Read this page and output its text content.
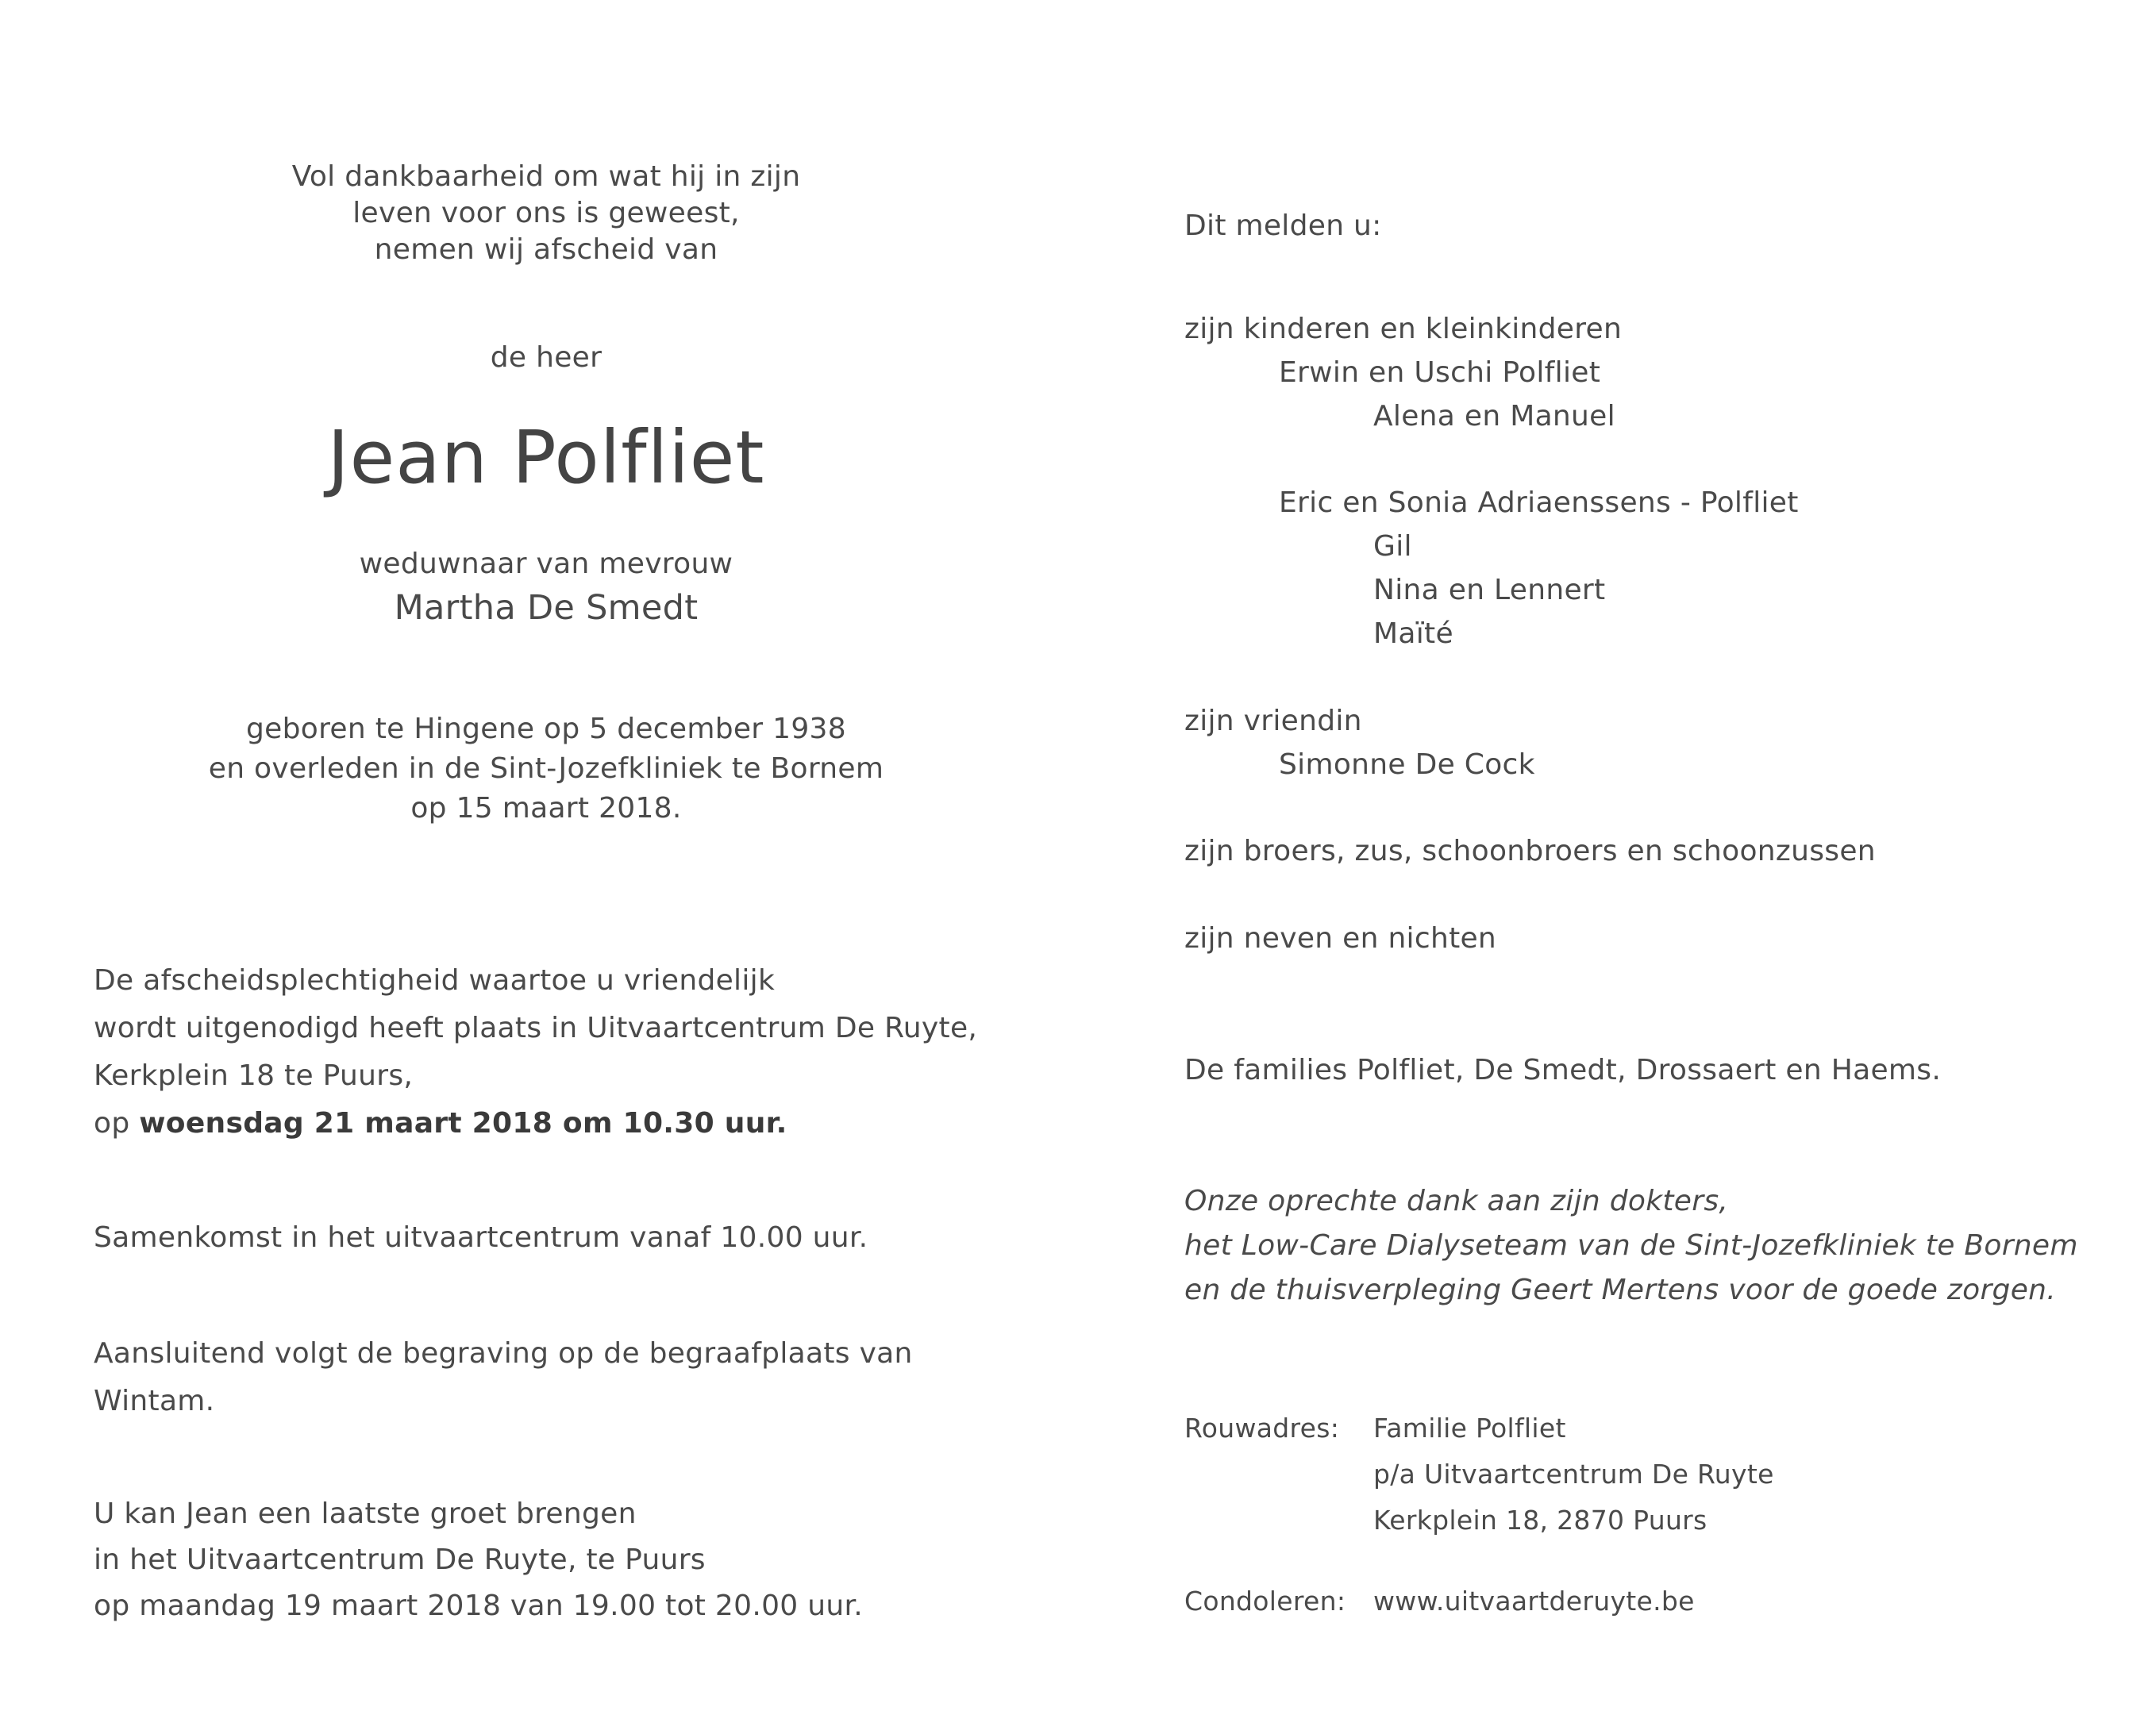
Vol dankbaarheid om wat hij in zijn
leven voor ons is geweest,
nemen wij afscheid van
de heer
Jean Polfliet
weduwnaar van mevrouw
Martha De Smedt
geboren te Hingene op 5 december 1938
en overleden in de Sint-Jozefkliniek te Bornem
op 15 maart 2018.
De afscheidsplechtigheid waartoe u vriendelijk
wordt uitgenodigd heeft plaats in Uitvaartcentrum De Ruyte,
Kerkplein 18 te Puurs,
op woensdag 21 maart 2018 om 10.30 uur.
Samenkomst in het uitvaartcentrum vanaf 10.00 uur.
Aansluitend volgt de begraving op de begraafplaats van
Wintam.
U kan Jean een laatste groet brengen
in het Uitvaartcentrum De Ruyte, te Puurs
op maandag 19 maart 2018 van 19.00 tot 20.00 uur.
Dit melden u:
zijn kinderen en kleinkinderen
Erwin en Uschi Polfliet
Alena en Manuel
Eric en Sonia Adriaenssens - Polfliet
Gil
Nina en Lennert
Maïté
zijn vriendin
Simonne De Cock
zijn broers, zus, schoonbroers en schoonzussen
zijn neven en nichten
De families Polfliet, De Smedt, Drossaert en Haems.
Onze oprechte dank aan zijn dokters,
het Low-Care Dialyseteam van de Sint-Jozefkliniek te Bornem
en de thuisverpleging Geert Mertens voor de goede zorgen.
Rouwadres: Familie Polfliet
p/a Uitvaartcentrum De Ruyte
Kerkplein 18, 2870 Puurs
Condoleren: www.uitvaartderuyte.be
